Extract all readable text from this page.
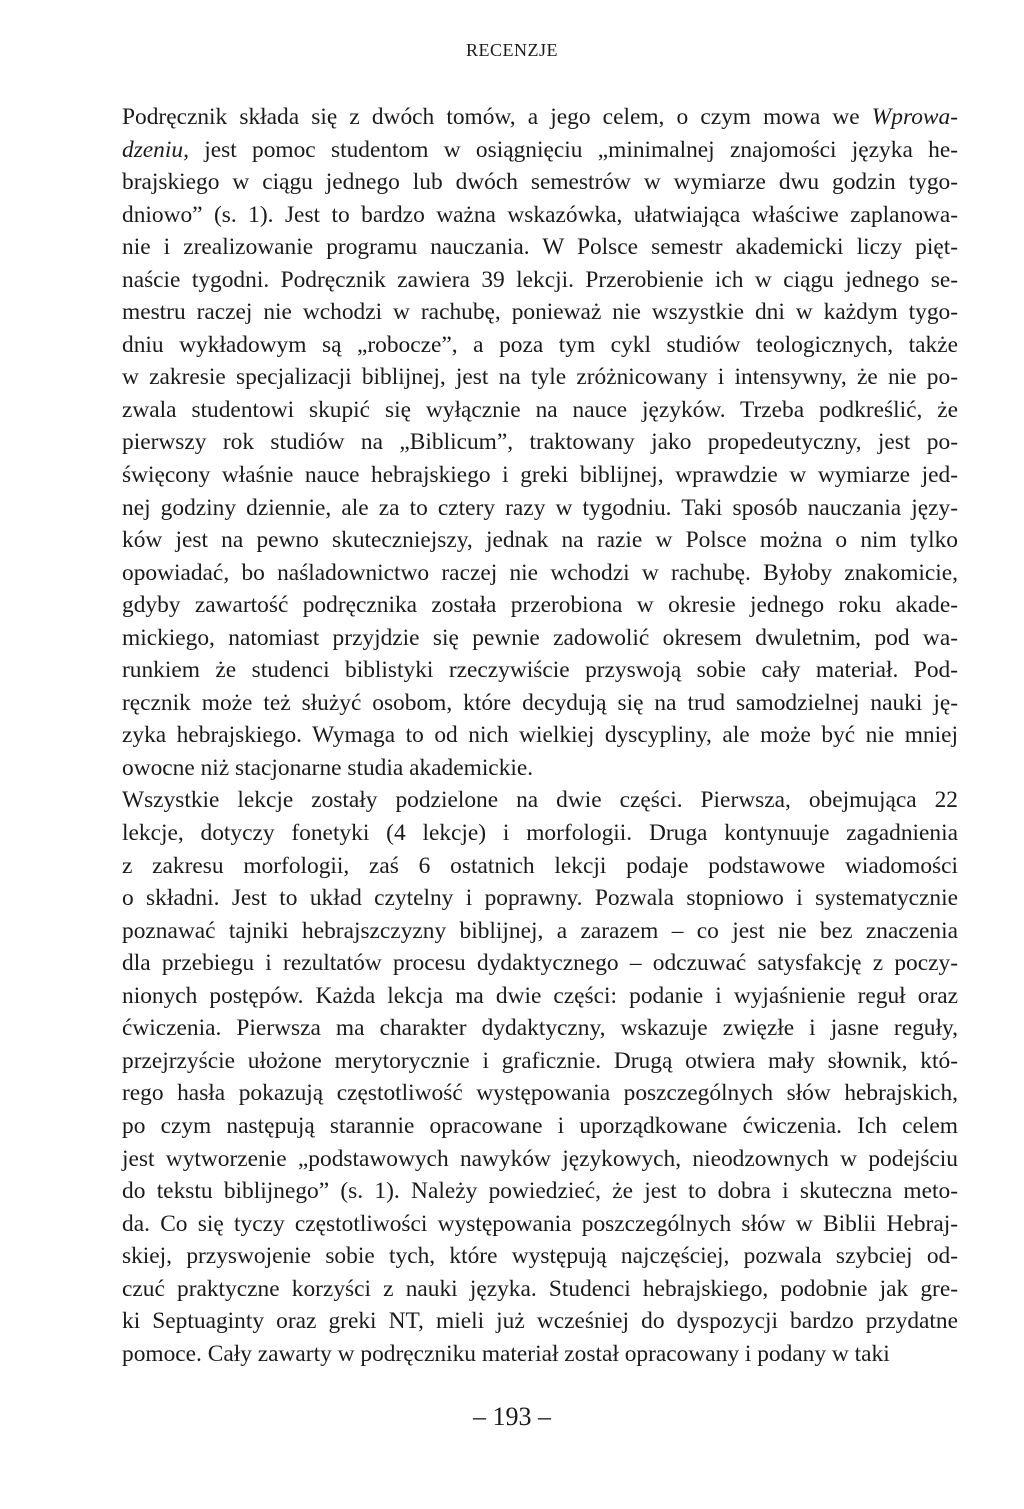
RECENZJE
Podręcznik składa się z dwóch tomów, a jego celem, o czym mowa we Wprowa-
dzeniu, jest pomoc studentom w osiągnięciu „minimalnej znajomości języka he-
brajskiego w ciągu jednego lub dwóch semestrów w wymiarze dwu godzin tygo-
dniowo” (s. 1). Jest to bardzo ważna wskazówka, ułatwiająca właściwe zaplanowa-
nie i zrealizowanie programu nauczania. W Polsce semestr akademicki liczy pięt-
naście tygodni. Podręcznik zawiera 39 lekcji. Przerobienie ich w ciągu jednego se-
mestru raczej nie wchodzi w rachubę, ponieważ nie wszystkie dni w każdym tygo-
dniu wykładowym są „robocze”, a poza tym cykl studiów teologicznych, także
w zakresie specjalizacji biblijnej, jest na tyle zróżnicowany i intensywny, że nie po-
zwala studentowi skupić się wyłącznie na nauce języków. Trzeba podkreślić, że
pierwszy rok studiów na „Biblicum”, traktowany jako propedeutyczny, jest po-
święcony właśnie nauce hebrajskiego i greki biblijnej, wprawdzie w wymiarze jed-
nej godziny dziennie, ale za to cztery razy w tygodniu. Taki sposób nauczania języ-
ków jest na pewno skuteczniejszy, jednak na razie w Polsce można o nim tylko
opowiadać, bo naśladownictwo raczej nie wchodzi w rachubę. Byłoby znakomicie,
gdyby zawartość podręcznika została przerobiona w okresie jednego roku akade-
mickiego, natomiast przyjdzie się pewnie zadowolić okresem dwuletnim, pod wa-
runkiem że studenci biblistyki rzeczywiście przyswoją sobie cały materiał. Pod-
ręcznik może też służyć osobom, które decydują się na trud samodzielnej nauki ję-
zyka hebrajskiego. Wymaga to od nich wielkiej dyscypliny, ale może być nie mniej
owocne niż stacjonarne studia akademickie.
Wszystkie lekcje zostały podzielone na dwie części. Pierwsza, obejmująca 22
lekcje, dotyczy fonetyki (4 lekcje) i morfologii. Druga kontynuuje zagadnienia
z zakresu morfologii, zaś 6 ostatnich lekcji podaje podstawowe wiadomości
o składni. Jest to układ czytelny i poprawny. Pozwala stopniowo i systematycznie
poznawać tajniki hebrajszczyzny biblijnej, a zarazem – co jest nie bez znaczenia
dla przebiegu i rezultatów procesu dydaktycznego – odczuwać satysfakcję z poczy-
nionych postępów. Każda lekcja ma dwie części: podanie i wyjaśnienie reguł oraz
ćwiczenia. Pierwsza ma charakter dydaktyczny, wskazuje zwięzłe i jasne reguły,
przejrzyście ułożone merytorycznie i graficznie. Drugą otwiera mały słownik, któ-
rego hasła pokazują częstotliwość występowania poszczególnych słów hebrajskich,
po czym następują starannie opracowane i uporządkowane ćwiczenia. Ich celem
jest wytworzenie „podstawowych nawyków językowych, nieodzownych w podejściu
do tekstu biblijnego” (s. 1). Należy powiedzieć, że jest to dobra i skuteczna meto-
da. Co się tyczy częstotliwości występowania poszczególnych słów w Biblii Hebraj-
skiej, przyswojenie sobie tych, które występują najczęściej, pozwala szybciej od-
czuć praktyczne korzyści z nauki języka. Studenci hebrajskiego, podobnie jak gre-
ki Septuaginty oraz greki NT, mieli już wcześniej do dyspozycji bardzo przydatne
pomoce. Cały zawarty w podręczniku materiał został opracowany i podany w taki
– 193 –
